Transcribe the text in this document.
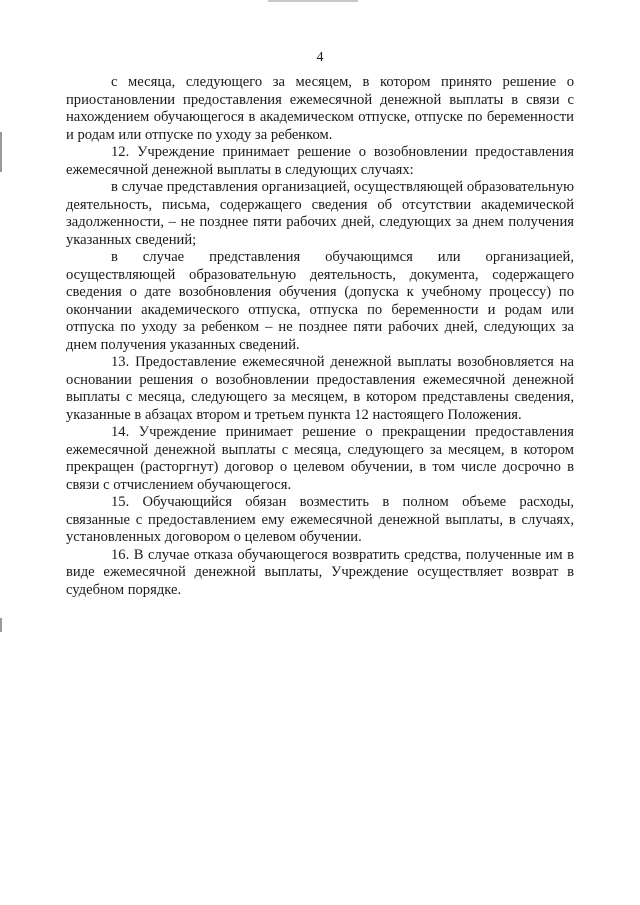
4

с месяца, следующего за месяцем, в котором принято решение о приостановлении предоставления ежемесячной денежной выплаты в связи с нахождением обучающегося в академическом отпуске, отпуске по беременности и родам или отпуске по уходу за ребенком.

12. Учреждение принимает решение о возобновлении предоставления ежемесячной денежной выплаты в следующих случаях:

в случае представления организацией, осуществляющей образовательную деятельность, письма, содержащего сведения об отсутствии академической задолженности, – не позднее пяти рабочих дней, следующих за днем получения указанных сведений;

в случае представления обучающимся или организацией, осуществляющей образовательную деятельность, документа, содержащего сведения о дате возобновления обучения (допуска к учебному процессу) по окончании академического отпуска, отпуска по беременности и родам или отпуска по уходу за ребенком – не позднее пяти рабочих дней, следующих за днем получения указанных сведений.

13. Предоставление ежемесячной денежной выплаты возобновляется на основании решения о возобновлении предоставления ежемесячной денежной выплаты с месяца, следующего за месяцем, в котором представлены сведения, указанные в абзацах втором и третьем пункта 12 настоящего Положения.

14. Учреждение принимает решение о прекращении предоставления ежемесячной денежной выплаты с месяца, следующего за месяцем, в котором прекращен (расторгнут) договор о целевом обучении, в том числе досрочно в связи с отчислением обучающегося.

15. Обучающийся обязан возместить в полном объеме расходы, связанные с предоставлением ему ежемесячной денежной выплаты, в случаях, установленных договором о целевом обучении.

16. В случае отказа обучающегося возвратить средства, полученные им в виде ежемесячной денежной выплаты, Учреждение осуществляет возврат в судебном порядке.
